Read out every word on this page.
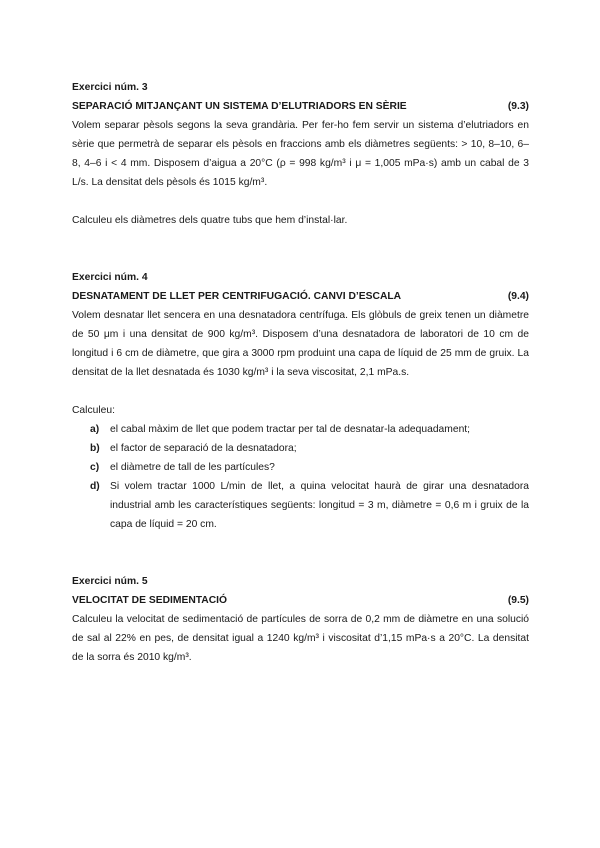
Exercici núm. 3
SEPARACIÓ MITJANÇANT UN SISTEMA D’ELUTRIADORS EN SÈRIE	(9.3)

Volem separar pèsols segons la seva grandària. Per fer-ho fem servir un sistema d’elutriadors en sèrie que permetrà de separar els pèsols en fraccions amb els diàmetres següents: > 10, 8–10, 6–8, 4–6 i < 4 mm. Disposem d’aigua a 20°C (ρ = 998 kg/m³ i μ = 1,005 mPa·s) amb un cabal de 3 L/s. La densitat dels pèsols és 1015 kg/m³.

Calculeu els diàmetres dels quatre tubs que hem d’instal·lar.

Exercici núm. 4
DESNATAMENT DE LLET PER CENTRIFUGACIÓ. CANVI D’ESCALA	(9.4)

Volem desnatar llet sencera en una desnatadora centrífuga. Els glòbuls de greix tenen un diàmetre de 50 μm i una densitat de 900 kg/m³. Disposem d’una desnatadora de laboratori de 10 cm de longitud i 6 cm de diàmetre, que gira a 3000 rpm produint una capa de líquid de 25 mm de gruix. La densitat de la llet desnatada és 1030 kg/m³ i la seva viscositat, 2,1 mPa.s.

Calculeu:

a) el cabal màxim de llet que podem tractar per tal de desnatar-la adequadament;
b) el factor de separació de la desnatadora;
c) el diàmetre de tall de les partícules?
d) Si volem tractar 1000 L/min de llet, a quina velocitat haurà de girar una desnatadora industrial amb les característiques següents: longitud = 3 m, diàmetre = 0,6 m i gruix de la capa de líquid = 20 cm.
Exercici núm. 5
VELOCITAT DE SEDIMENTACIÓ	(9.5)

Calculeu la velocitat de sedimentació de partícules de sorra de 0,2 mm de diàmetre en una solució de sal al 22% en pes, de densitat igual a 1240 kg/m³ i viscositat d’1,15 mPa·s a 20°C. La densitat de la sorra és 2010 kg/m³.
